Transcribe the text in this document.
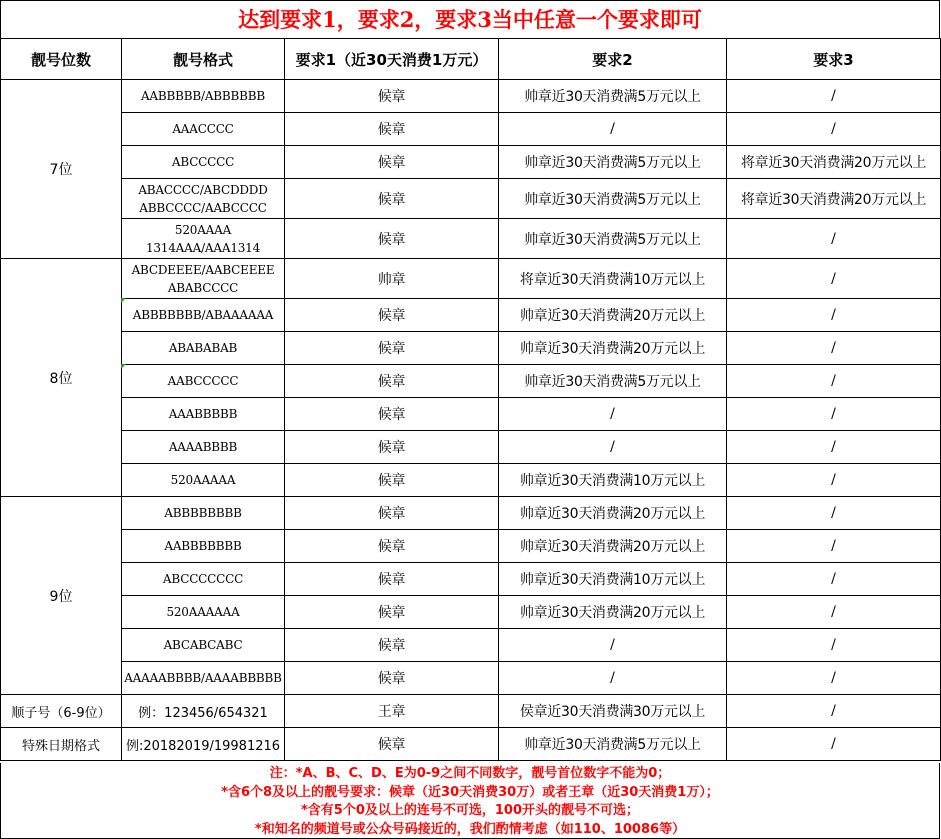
达到要求1，要求2，要求3当中任意一个要求即可
靓号位数	靓号格式	要求1（近30天消费1万元）	要求2	要求3
7位	AABBBBB/ABBBBBB	候章	帅章近30天消费满5万元以上	/
	AAACCCC	候章	/	/
	ABCCCCC	候章	帅章近30天消费满5万元以上	将章近30天消费满20万元以上

	ABACCCC/ABCDDDD
ABBCCCC/AABCCCC	候章	帅章近30天消费满5万元以上	将章近30天消费满20万元以上

	520AAAA
1314AAA/AAA1314	候章	帅章近30天消费满5万元以上	/
8位	ABCDEEEE/AABCEEEE
ABABCCCC	帅章	将章近30天消费满10万元以上	/
	ABBBBBBB/ABAAAAAA	候章	帅章近30天消费满20万元以上	/
	ABABABAB	候章	帅章近30天消费满20万元以上	/
	AABCCCCC	候章	帅章近30天消费满5万元以上	/
	AAABBBBB	候章	/	/
	AAAABBBB	候章	/	/
	520AAAAA	候章	帅章近30天消费满10万元以上	/
9位	ABBBBBBBB	候章	帅章近30天消费满20万元以上	/
	AABBBBBBB	候章	帅章近30天消费满20万元以上	/
	ABCCCCCCC	候章	帅章近30天消费满10万元以上	/
	520AAAAAA	候章	帅章近30天消费满20万元以上	/
	ABCABCABC	候章	/	/
	AAAAABBBB/AAAABBBBB	候章	/	/
顺子号（6-9位）	例：123456/654321	王章	侯章近30天消费满30万元以上	/
特殊日期格式	例:20182019/19981216	候章	帅章近30天消费满5万元以上	/
注：*A、B、C、D、E为0-9之间不同数字，靓号首位数字不能为0；
*含6个8及以上的靓号要求：候章（近30天消费30万）或者王章（近30天消费1万）；
*含有5个0及以上的连号不可选，100开头的靓号不可选；
*和知名的频道号或公众号码接近的，我们酌情考虑（如110、10086等）
